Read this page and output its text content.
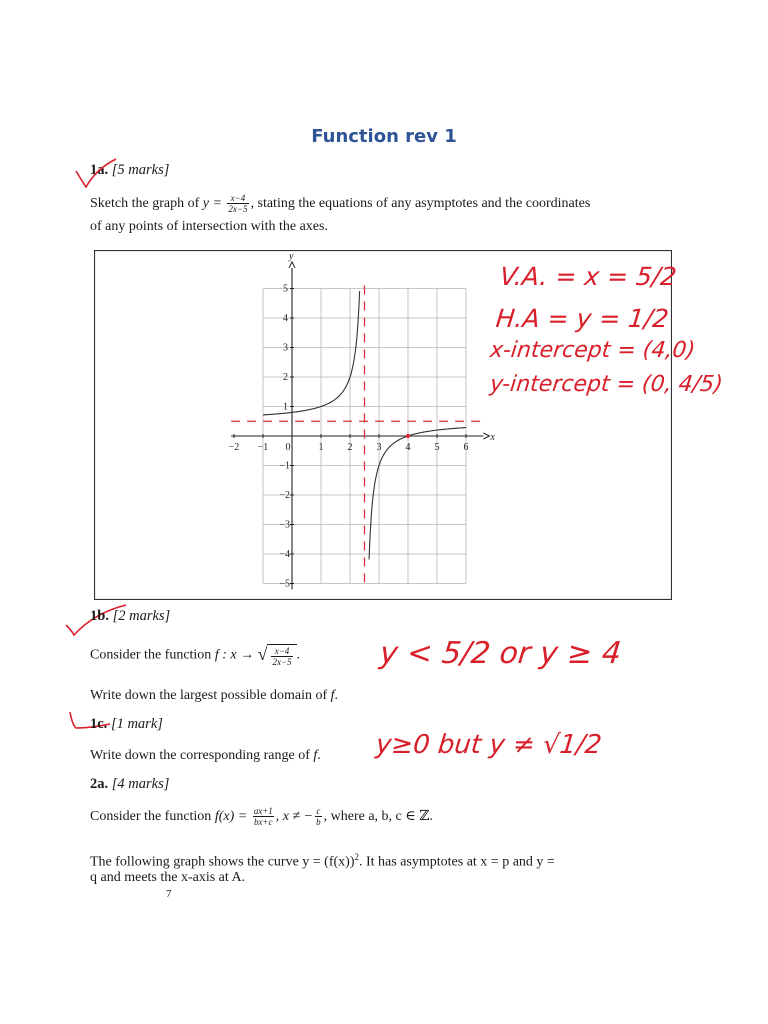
Function rev 1
1a. [5 marks]
Sketch the graph of $y = \frac{x-4}{2x-5}$ , stating the equations of any asymptotes and the coordinates
of any points of intersection with the axes.
x
y
−2 −1 0	1 2 3 4 5 6
5
4
3
2
1
−1
−2
−3
−4
−5
V.A. = x = 5/2
H.A = y = 1/2
x-intercept = (4,0)
y-intercept = (0, 4/5)
1b. [2 marks]
Consider the function f : x → √ $\frac{x-4}{2x-5}$ .	y < 5/2 or y ≥ 4
Write down the largest possible domain of f.
1c. [1 mark]
Write down the corresponding range of f. y≥0 but y ≠ √1/2
2a. [4 marks]
Consider the function $f(x) = \frac{ax+1}{bx+c}$ , x ≠ − $\frac{c}{b}$ , where a, b, c ∈ ℤ.
The following graph shows the curve $y = (f(x))^2$. It has asymptotes at x = p and y =
q and meets the x-axis at A.
7
